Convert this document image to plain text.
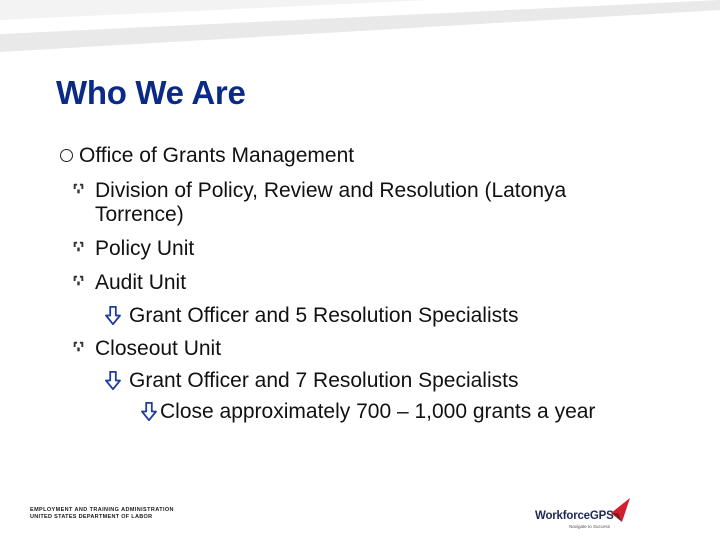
Who We Are
Office of Grants Management
Division of Policy, Review and Resolution (Latonya
Torrence)
Policy Unit
Audit Unit
Grant Officer and 5 Resolution Specialists
Closeout Unit
Grant Officer and 7 Resolution Specialists
Close approximately 700 – 1,000 grants a year
EMPLOYMENT AND TRAINING ADMINISTRATION
UNITED STATES DEPARTMENT OF LABOR	WorkforceGPS
Navigate to Success
